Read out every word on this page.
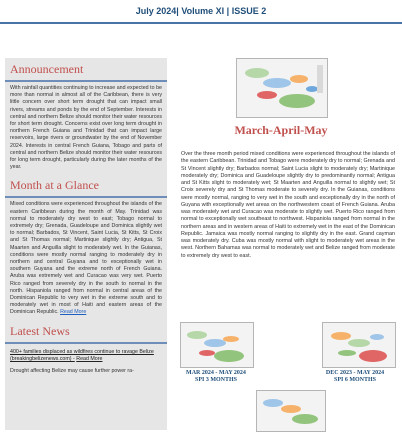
July 2024| Volume XI | ISSUE 2
Announcement
With rainfall quantities continuing to increase and expected to be more than normal in almost all of the Caribbean, there is very little concern over short term drought that can impact small rivers, streams and ponds by the end of September. Interests in central and northern Belize should monitor their water resources for short term drought. Concerns exist over long term drought in northern French Guiana and Trinidad that can impact large reservoirs, large rivers or groundwater by the end of November 2024. Interests in central French Guiana, Tobago and parts of central and northern Belize should monitor their water resources for long term drought, particularly during the later months of the year.
Month at a Glance
Mixed conditions were experienced throughout the islands of the eastern Caribbean during the month of May. Trinidad was normal to moderately dry west to east; Tobago normal to extremely dry; Grenada, Guadeloupe and Dominica slightly wet to normal; Barbados, St Vincent, Saint Lucia, St Kitts, St Croix and St Thomas normal; Martinique slightly dry; Antigua, St Maarten and Anguilla slight to moderately wet. In the Guianas, conditions were mostly normal ranging to moderately dry in northern and central Guyana and to exceptionally wet in southern Guyana and the extreme north of French Guiana. Aruba was extremely wet and Curacao was very wet. Puerto Rico ranged from severely dry in the south to normal in the north. Hispaniola ranged from normal in central areas of the Dominican Republic to very wet in the extreme south and to moderately wet in most of Haiti and eastern areas of the Dominican Republic. Read More
Latest News
400+ families displaced as wildfires continue to ravage Belize (breakingbelizenews.com) - Read More
Drought affecting Belize may cause further power ra-
March-April-May
Over the three month period mixed conditions were experienced throughout the islands of the eastern Caribbean. Trinidad and Tobago were moderately dry to normal; Grenada and St Vincent slightly dry; Barbados normal; Saint Lucia slight to moderately dry; Martinique moderately dry; Dominica and Guadeloupe slightly dry to predominantly normal; Antigua and St Kitts slight to moderately wet; St Maarten and Anguilla normal to slightly wet; St Croix severely dry and St Thomas moderate to severely dry. In the Guianas, conditions were mostly normal, ranging to very wet in the south and exceptionally dry in the north of Guyana with exceptionally wet areas on the northwestern coast of French Guiana. Aruba was moderately wet and Curacao was moderate to slightly wet. Puerto Rico ranged from normal to exceptionally wet southeast to northwest. Hispaniola ranged from normal in the northern areas and in western areas of Haiti to extremely wet in the east of the Dominican Republic. Jamaica was mostly normal ranging to slightly dry in the east. Grand cayman was moderately dry. Cuba was mostly normal with slight to moderately wet areas in the west. Northern Bahamas was normal to moderately wet and Belize ranged from moderate to extremely dry west to east.
MAR 2024 - MAY 2024
SPI 3 MONTHS
DEC 2023 - MAY 2024
SPI 6 MONTHS
